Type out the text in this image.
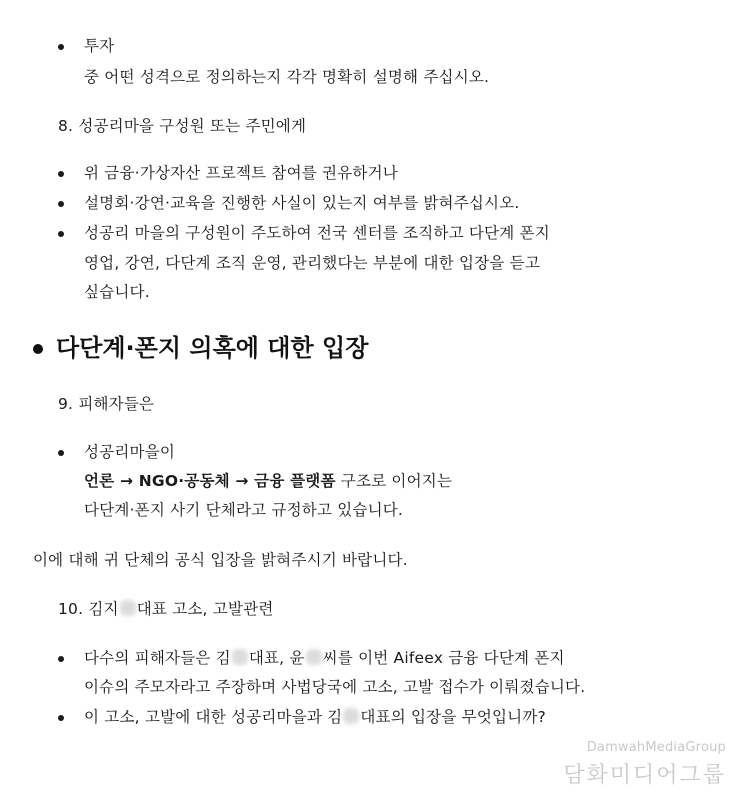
투자
중 어떤 성격으로 정의하는지 각각 명확히 설명해 주십시오.
8. 성공리마을 구성원 또는 주민에게
위 금융·가상자산 프로젝트 참여를 권유하거나
설명회·강연·교육을 진행한 사실이 있는지 여부를 밝혀주십시오.
성공리 마을의 구성원이 주도하여 전국 센터를 조직하고 다단계 폰지
영업, 강연, 다단계 조직 운영, 관리했다는 부분에 대한 입장을 듣고
싶습니다.
다단계·폰지 의혹에 대한 입장
9. 피해자들은
성공리마을이
언론 → NGO·공동체 → 금융 플랫폼 구조로 이어지는
다단계·폰지 사기 단체라고 규정하고 있습니다.
이에 대해 귀 단체의 공식 입장을 밝혀주시기 바랍니다.
10. 김지 대표 고소, 고발관련
다수의 피해자들은 김 대표, 윤 씨를 이번 Aifeex 금융 다단계 폰지
이슈의 주모자라고 주장하며 사법당국에 고소, 고발 접수가 이뤄졌습니다.
이 고소, 고발에 대한 성공리마을과 김 대표의 입장을 무엇입니까?
DamwahMediaGroup
담화미디어그룹
